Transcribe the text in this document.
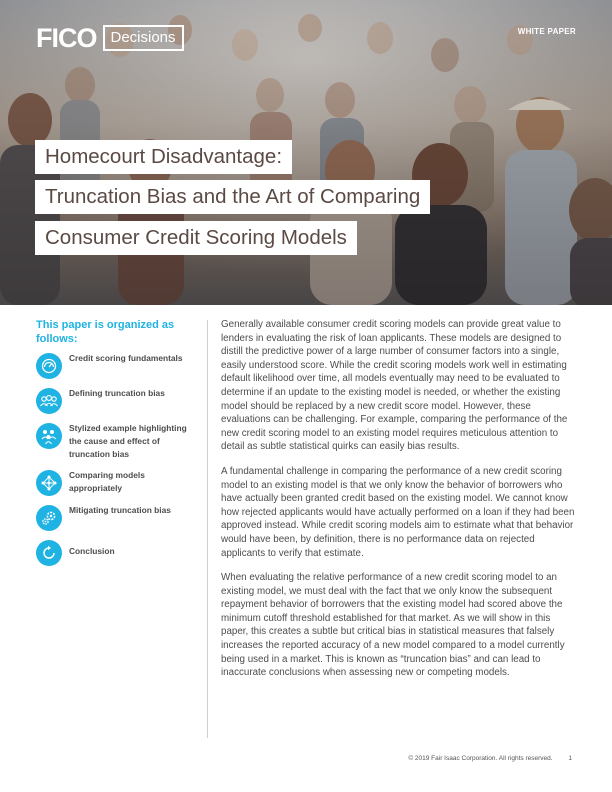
FICO Decisions	WHITE PAPER
Homecourt Disadvantage:
Truncation Bias and the Art of Comparing
Consumer Credit Scoring Models

This paper is organized as follows:

Credit scoring fundamentals
Defining truncation bias
Stylized example highlighting the cause and effect of truncation bias
Comparing models appropriately
Mitigating truncation bias
Conclusion

Generally available consumer credit scoring models can provide great value to lenders in evaluating the risk of loan applicants. These models are designed to distill the predictive power of a large number of consumer factors into a single, easily understood score. While the credit scoring models work well in estimating default likelihood over time, all models eventually may need to be evaluated to determine if an update to the existing model is needed, or whether the existing model should be replaced by a new credit score model. However, these evaluations can be challenging. For example, comparing the performance of the new credit scoring model to an existing model requires meticulous attention to detail as subtle statistical quirks can easily bias results.

A fundamental challenge in comparing the performance of a new credit scoring model to an existing model is that we only know the behavior of borrowers who have actually been granted credit based on the existing model. We cannot know how rejected applicants would have actually performed on a loan if they had been approved instead. While credit scoring models aim to estimate what that behavior would have been, by definition, there is no performance data on rejected applicants to verify that estimate.

When evaluating the relative performance of a new credit scoring model to an existing model, we must deal with the fact that we only know the subsequent repayment behavior of borrowers that the existing model had scored above the minimum cutoff threshold established for that market. As we will show in this paper, this creates a subtle but critical bias in statistical measures that falsely increases the reported accuracy of a new model compared to a model currently being used in a market. This is known as “truncation bias” and can lead to inaccurate conclusions when assessing new or competing models.

© 2019 Fair Isaac Corporation. All rights reserved. 1
